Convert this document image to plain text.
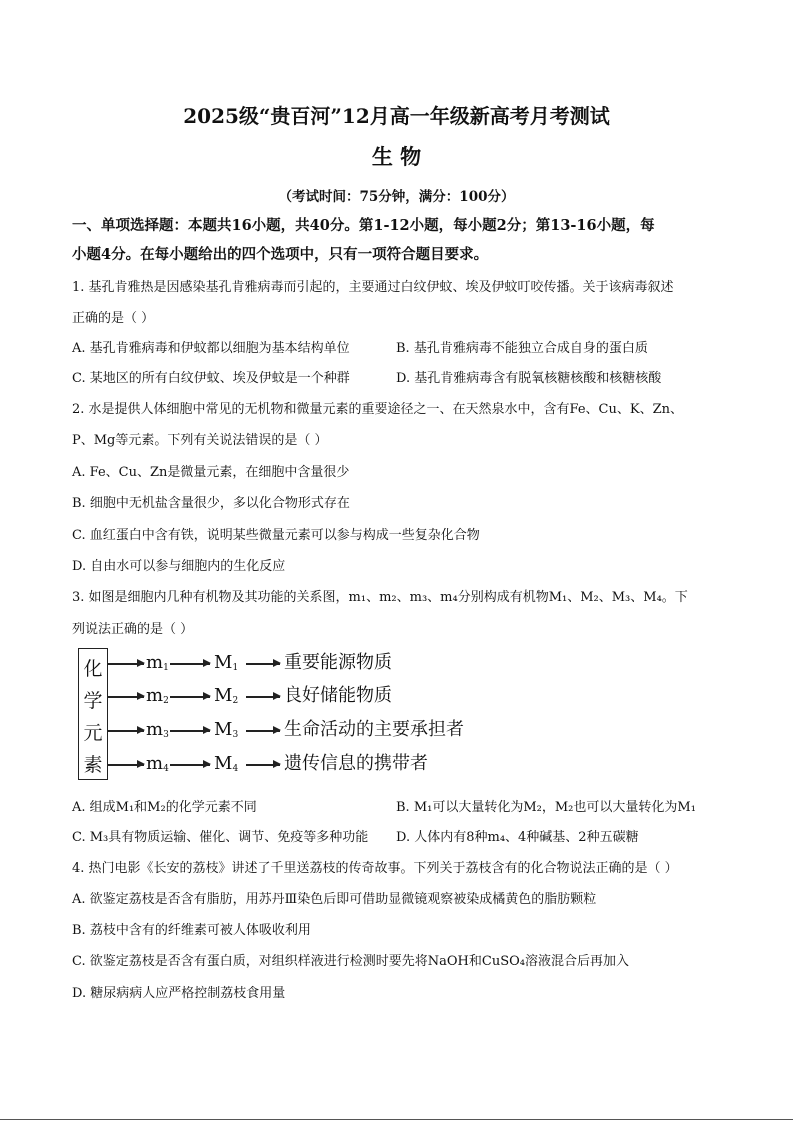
2025级“贵百河”12月高一年级新高考月考测试
生 物
（考试时间：75分钟，满分：100分）
一、单项选择题：本题共16小题，共40分。第1-12小题，每小题2分；第13-16小题，每
小题4分。在每小题给出的四个选项中，只有一项符合题目要求。
1. 基孔肯雅热是因感染基孔肯雅病毒而引起的，主要通过白纹伊蚊、埃及伊蚊叮咬传播。关于该病毒叙述
正确的是（ ）
A. 基孔肯雅病毒和伊蚊都以细胞为基本结构单位	B. 基孔肯雅病毒不能独立合成自身的蛋白质
C. 某地区的所有白纹伊蚊、埃及伊蚊是一个种群	D. 基孔肯雅病毒含有脱氧核糖核酸和核糖核酸
2. 水是提供人体细胞中常见的无机物和微量元素的重要途径之一、在天然泉水中，含有Fe、Cu、K、Zn、
P、Mg等元素。下列有关说法错误的是（ ）
A. Fe、Cu、Zn是微量元素，在细胞中含量很少
B. 细胞中无机盐含量很少，多以化合物形式存在
C. 血红蛋白中含有铁，说明某些微量元素可以参与构成一些复杂化合物
D. 自由水可以参与细胞内的生化反应
3. 如图是细胞内几种有机物及其功能的关系图，m₁、m₂、m₃、m₄分别构成有机物M₁、M₂、M₃、M₄。下
列说法正确的是（ ）
化
学
元
素
$m_1$	$M_1$	重要能源物质
$m_2$	$M_2$	良好储能物质
$m_3$	$M_3$	生命活动的主要承担者
$m_4$	$M_4$	遗传信息的携带者
A. 组成M₁和M₂的化学元素不同	B. M₁可以大量转化为M₂，M₂也可以大量转化为M₁
C. M₃具有物质运输、催化、调节、免疫等多种功能 D. 人体内有8种m₄、4种碱基、2种五碳糖
4. 热门电影《长安的荔枝》讲述了千里送荔枝的传奇故事。下列关于荔枝含有的化合物说法正确的是（ ）
A. 欲鉴定荔枝是否含有脂肪，用苏丹Ⅲ染色后即可借助显微镜观察被染成橘黄色的脂肪颗粒
B. 荔枝中含有的纤维素可被人体吸收利用
C. 欲鉴定荔枝是否含有蛋白质，对组织样液进行检测时要先将NaOH和CuSO₄溶液混合后再加入
D. 糖尿病病人应严格控制荔枝食用量
